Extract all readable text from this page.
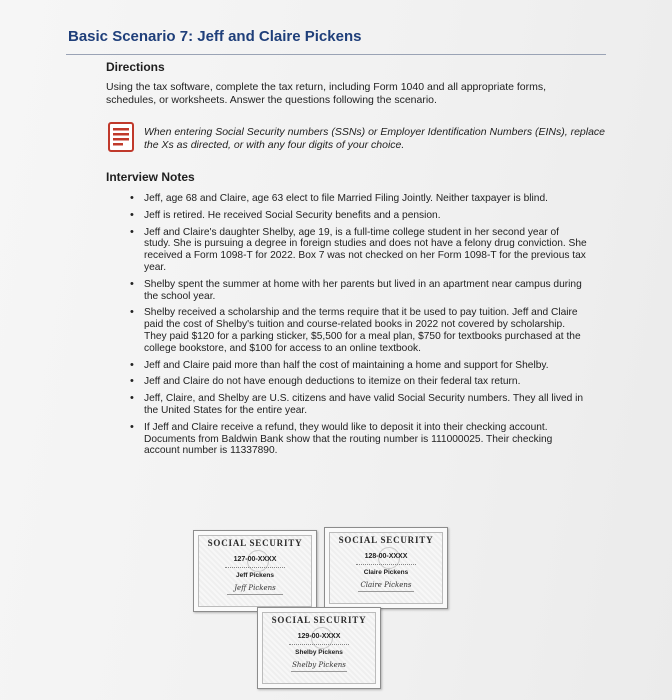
Basic Scenario 7: Jeff and Claire Pickens
Directions
Using the tax software, complete the tax return, including Form 1040 and all appropriate forms, schedules, or worksheets. Answer the questions following the scenario.
When entering Social Security numbers (SSNs) or Employer Identification Numbers (EINs), replace the Xs as directed, or with any four digits of your choice.
Interview Notes
• Jeff, age 68 and Claire, age 63 elect to file Married Filing Jointly. Neither taxpayer is blind.
• Jeff is retired. He received Social Security benefits and a pension.
• Jeff and Claire's daughter Shelby, age 19, is a full-time college student in her second year of study. She is pursuing a degree in foreign studies and does not have a felony drug conviction. She received a Form 1098-T for 2022. Box 7 was not checked on her Form 1098-T for the previous tax year.
• Shelby spent the summer at home with her parents but lived in an apartment near campus during the school year.
• Shelby received a scholarship and the terms require that it be used to pay tuition. Jeff and Claire paid the cost of Shelby's tuition and course-related books in 2022 not covered by scholarship. They paid $120 for a parking sticker, $5,500 for a meal plan, $750 for textbooks purchased at the college bookstore, and $100 for access to an online textbook.
• Jeff and Claire paid more than half the cost of maintaining a home and support for Shelby.
• Jeff and Claire do not have enough deductions to itemize on their federal tax return.
• Jeff, Claire, and Shelby are U.S. citizens and have valid Social Security numbers. They all lived in the United States for the entire year.
• If Jeff and Claire receive a refund, they would like to deposit it into their checking account. Documents from Baldwin Bank show that the routing number is 111000025. Their checking account number is 11337890.
SOCIAL SECURITY
127-00-XXXX
Jeff Pickens
Jeff Pickens
SOCIAL SECURITY
128-00-XXXX
Claire Pickens
Claire Pickens
SOCIAL SECURITY
129-00-XXXX
Shelby Pickens
Shelby Pickens
